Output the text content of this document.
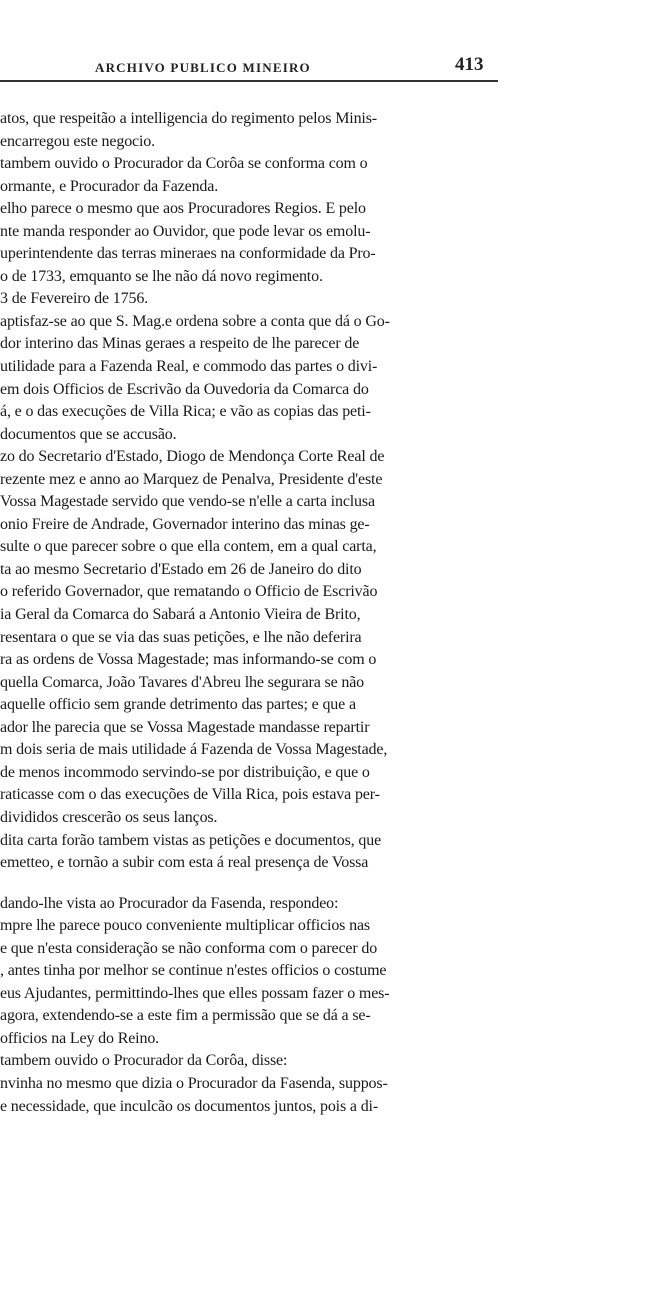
ARCHIVO PUBLICO MINEIRO	413
atos, que respeitão a intelligencia do regimento pelos Minis-
encarregou este negocio.
tambem ouvido o Procurador da Corôa se conforma com o
ormante, e Procurador da Fazenda.
elho parece o mesmo que aos Procuradores Regios. E pelo
nte manda responder ao Ouvidor, que pode levar os emolu-
uperintendente das terras mineraes na conformidade da Pro-
o de 1733, emquanto se lhe não dá novo regimento.
3 de Fevereiro de 1756.
aptisfaz-se ao que S. Mag.e ordena sobre a conta que dá o Go-
dor interino das Minas geraes a respeito de lhe parecer de
utilidade para a Fazenda Real, e commodo das partes o divi-
em dois Officios de Escrivão da Ouvedoria da Comarca do
á, e o das execuções de Villa Rica; e vão as copias das peti-
documentos que se accusão.
zo do Secretario d'Estado, Diogo de Mendonça Corte Real de
rezente mez e anno ao Marquez de Penalva, Presidente d'este
Vossa Magestade servido que vendo-se n'elle a carta inclusa
onio Freire de Andrade, Governador interino das minas ge-
sulte o que parecer sobre o que ella contem, em a qual carta,
ta ao mesmo Secretario d'Estado em 26 de Janeiro do dito
o referido Governador, que rematando o Officio de Escrivão
ia Geral da Comarca do Sabará a Antonio Vieira de Brito,
resentara o que se via das suas petições, e lhe não deferira
ra as ordens de Vossa Magestade; mas informando-se com o
quella Comarca, João Tavares d'Abreu lhe segurara se não
aquelle officio sem grande detrimento das partes; e que a
ador lhe parecia que se Vossa Magestade mandasse repartir
m dois seria de mais utilidade á Fazenda de Vossa Magestade,
de menos incommodo servindo-se por distribuição, e que o
raticasse com o das execuções de Villa Rica, pois estava per-
divididos crescerão os seus lanços.
dita carta forão tambem vistas as petições e documentos, que
emetteo, e tornão a subir com esta á real presença de Vossa
dando-lhe vista ao Procurador da Fasenda, respondeo:
mpre lhe parece pouco conveniente multiplicar officios nas
e que n'esta consideração se não conforma com o parecer do
, antes tinha por melhor se continue n'estes officios o costume
eus Ajudantes, permittindo-lhes que elles possam fazer o mes-
agora, extendendo-se a este fim a permissão que se dá a se-
officios na Ley do Reino.
tambem ouvido o Procurador da Corôa, disse:
nvinha no mesmo que dizia o Procurador da Fasenda, suppos-
e necessidade, que inculcão os documentos juntos, pois a di-
